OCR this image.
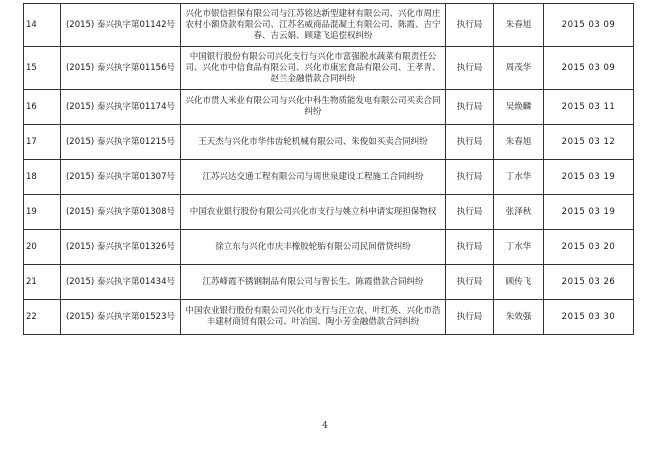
14	(2015) 泰兴执字第01142号	兴化市银信担保有限公司与江苏铭达新型建材有限公司、兴化市周庄农村小额贷款有限公司、江苏名威商品混凝土有限公司、陈霞、吉宁春、吉云娟、顾建飞追偿权纠纷	执行局	朱春旭	2015 03 09
15	(2015) 泰兴执字第01156号	中国银行股份有限公司兴化支行与兴化市富强脱水蔬菜有限责任公司、兴化市中信食品有限公司、兴化市康宏食品有限公司、王孝青、赵兰金融借款合同纠纷	执行局	周茂华	2015 03 09
16	(2015) 泰兴执字第01174号	兴化市贯人米业有限公司与兴化中科生物质能发电有限公司买卖合同纠纷	执行局	吴焕麟	2015 03 11
17	(2015) 泰兴执字第01215号	王天杰与兴化市华伟齿轮机械有限公司、朱俊如买卖合同纠纷	执行局	朱春旭	2015 03 12
18	(2015) 泰兴执字第01307号	江苏兴达交通工程有限公司与周世泉建设工程施工合同纠纷	执行局	丁水华	2015 03 19
19	(2015) 泰兴执字第01308号	中国农业银行股份有限公司兴化市支行与姚立科申请实现担保物权	执行局	张泽秋	2015 03 19
20	(2015) 泰兴执字第01326号	徐立东与兴化市庆丰橡胶轮胎有限公司民间借贷纠纷	执行局	丁水华	2015 03 20
21	(2015) 泰兴执字第01434号	江苏峰霞不锈钢制品有限公司与智长生、陈霞借款合同纠纷	执行局	顾传飞	2015 03 26
22	(2015) 泰兴执字第01523号	中国农业银行股份有限公司兴化市支行与汪立农、叶红英、兴化市浩丰建材商贸有限公司、叶冶国、陶小芳金融借款合同纠纷	执行局	朱效强	2015 03 30
4
